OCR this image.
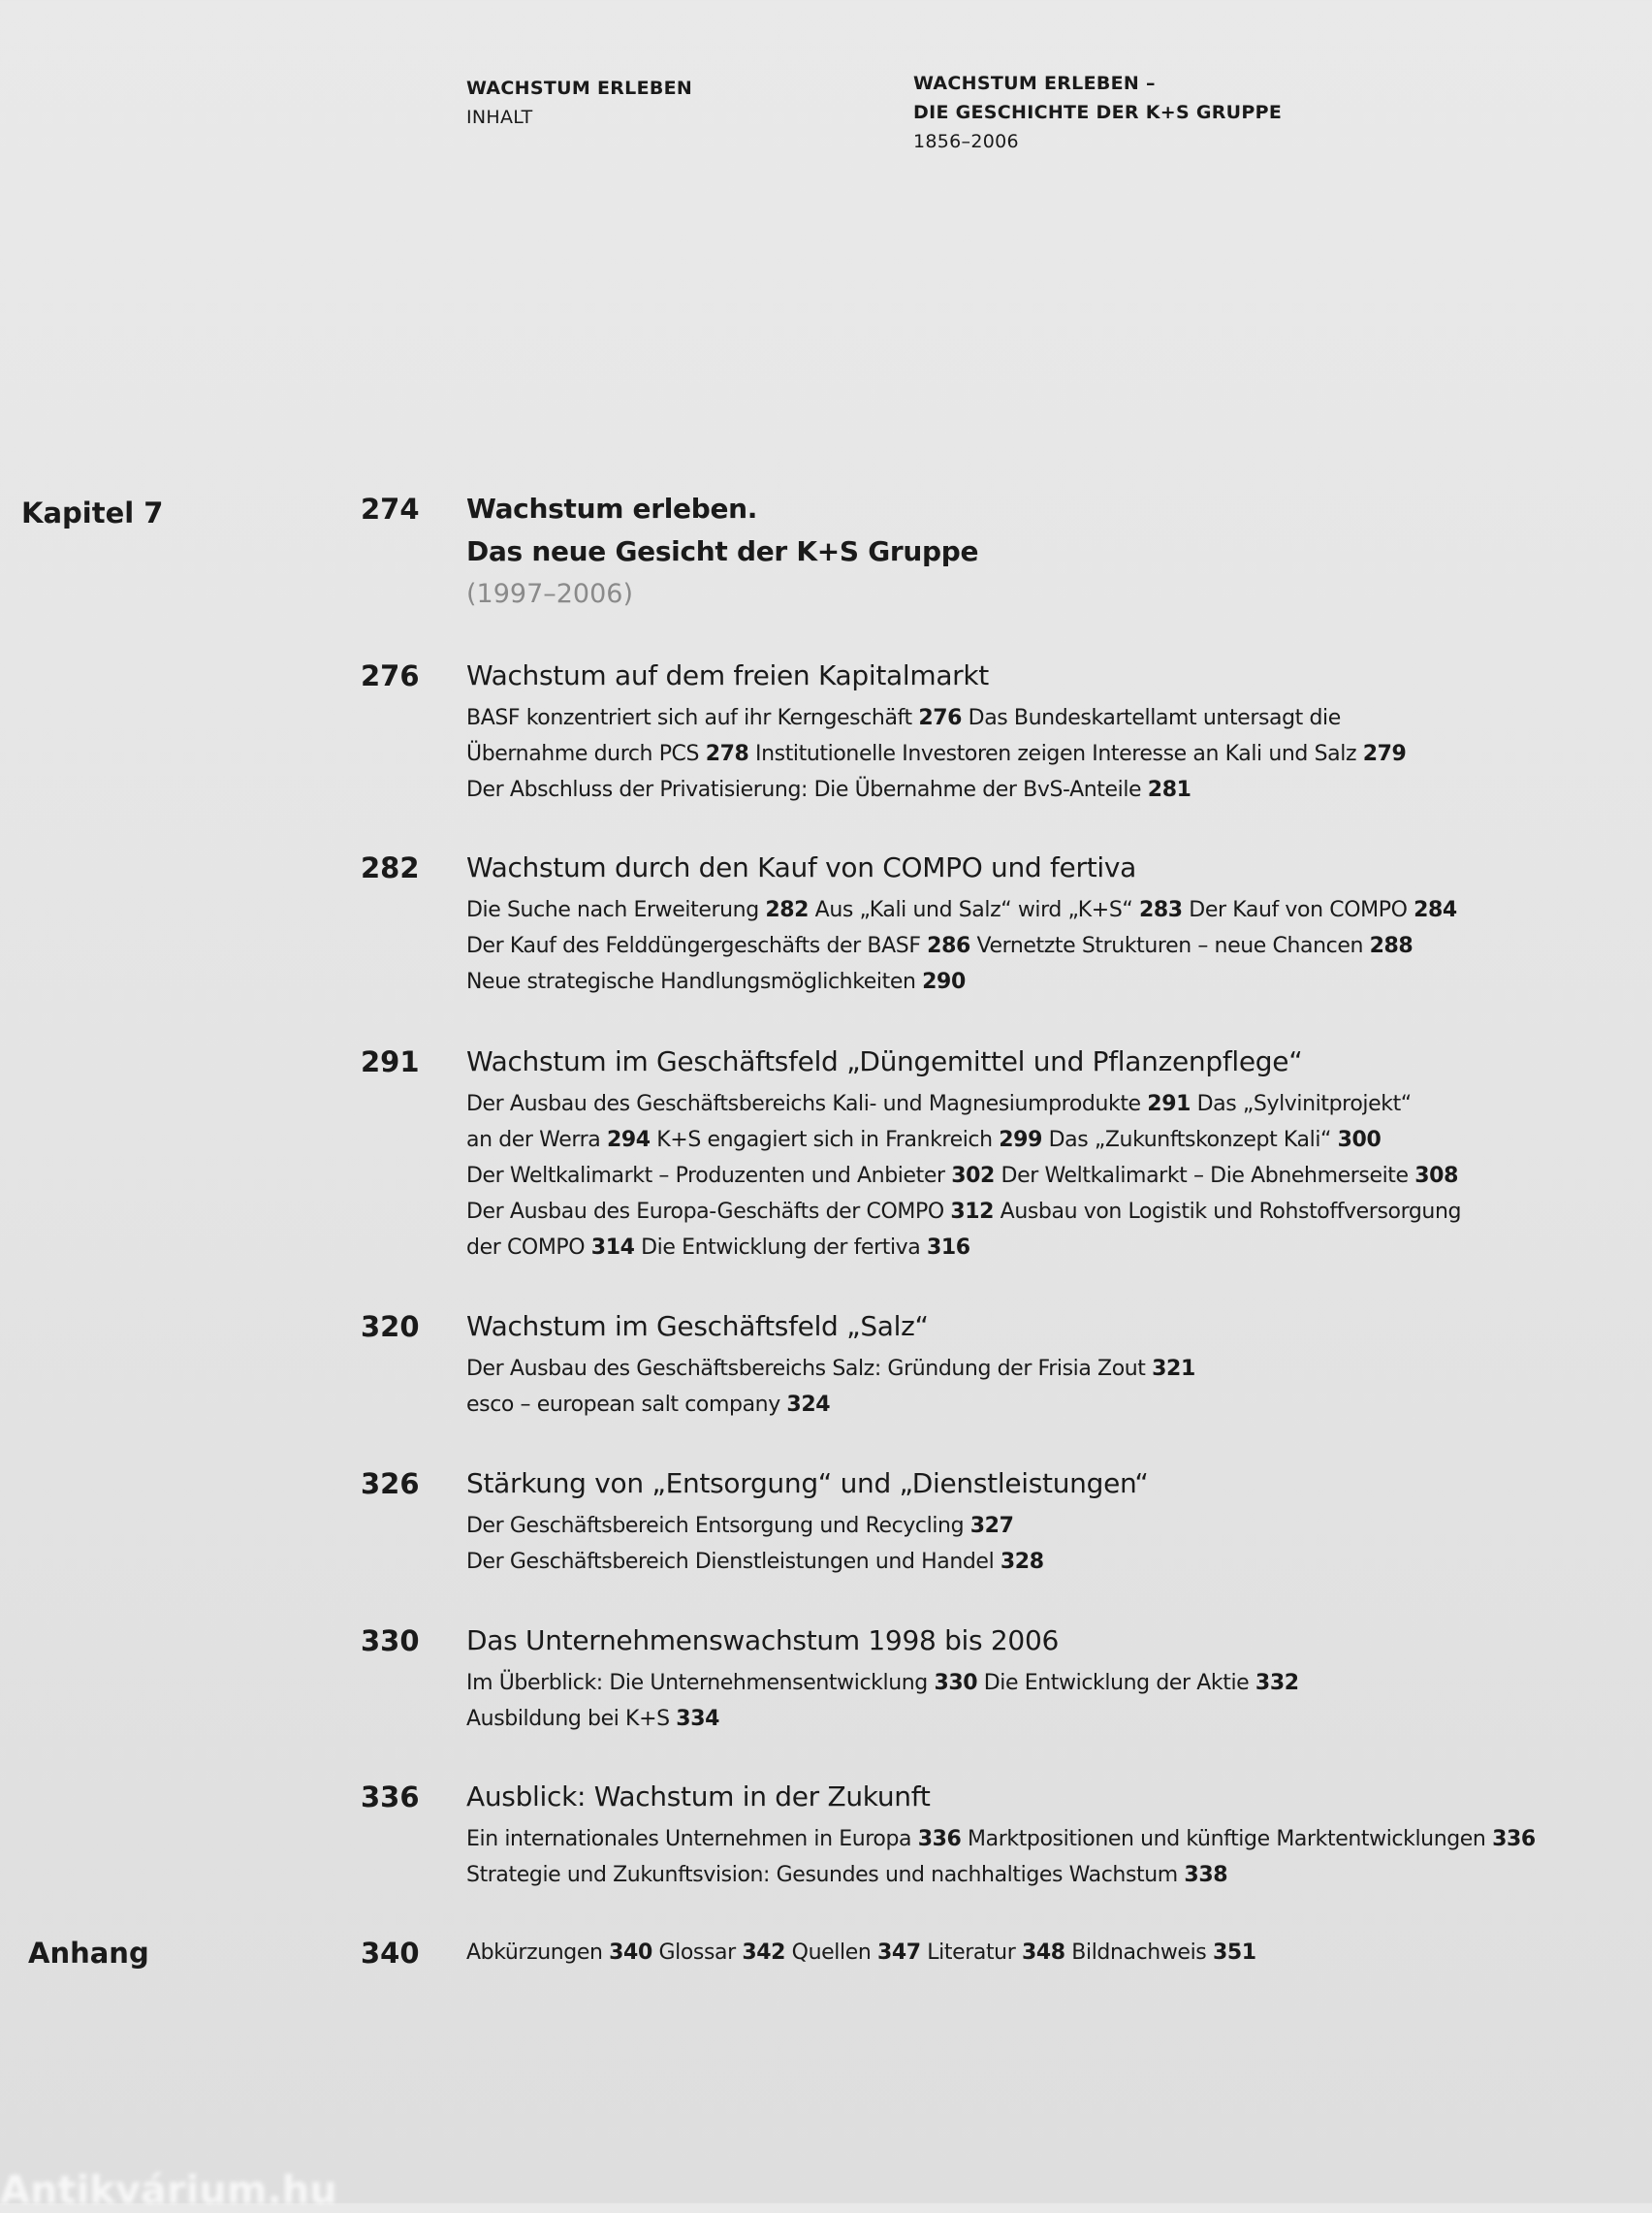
WACHSTUM ERLEBEN
INHALT
WACHSTUM ERLEBEN –
DIE GESCHICHTE DER K+S GRUPPE
1856–2006
Kapitel 7	274 Wachstum erleben.
Das neue Gesicht der K+S Gruppe
(1997–2006)
276 Wachstum auf dem freien Kapitalmarkt
BASF konzentriert sich auf ihr Kerngeschäft 276 Das Bundeskartellamt untersagt die
Übernahme durch PCS 278 Institutionelle Investoren zeigen Interesse an Kali und Salz 279
Der Abschluss der Privatisierung: Die Übernahme der BvS-Anteile 281
282 Wachstum durch den Kauf von COMPO und fertiva
Die Suche nach Erweiterung 282 Aus „Kali und Salz“ wird „K+S“ 283 Der Kauf von COMPO 284
Der Kauf des Felddüngergeschäfts der BASF 286 Vernetzte Strukturen – neue Chancen 288
Neue strategische Handlungsmöglichkeiten 290
291 Wachstum im Geschäftsfeld „Düngemittel und Pflanzenpflege“
Der Ausbau des Geschäftsbereichs Kali- und Magnesiumprodukte 291 Das „Sylvinitprojekt“
an der Werra 294 K+S engagiert sich in Frankreich 299 Das „Zukunftskonzept Kali“ 300
Der Weltkalimarkt – Produzenten und Anbieter 302 Der Weltkalimarkt – Die Abnehmerseite 308
Der Ausbau des Europa-Geschäfts der COMPO 312 Ausbau von Logistik und Rohstoffversorgung
der COMPO 314 Die Entwicklung der fertiva 316
320 Wachstum im Geschäftsfeld „Salz“
Der Ausbau des Geschäftsbereichs Salz: Gründung der Frisia Zout 321
esco – european salt company 324
326 Stärkung von „Entsorgung“ und „Dienstleistungen“
Der Geschäftsbereich Entsorgung und Recycling 327
Der Geschäftsbereich Dienstleistungen und Handel 328
330 Das Unternehmenswachstum 1998 bis 2006
Im Überblick: Die Unternehmensentwicklung 330 Die Entwicklung der Aktie 332
Ausbildung bei K+S 334
336 Ausblick: Wachstum in der Zukunft
Ein internationales Unternehmen in Europa 336 Marktpositionen und künftige Marktentwicklungen 336
Strategie und Zukunftsvision: Gesundes und nachhaltiges Wachstum 338
Anhang	340 Abkürzungen 340 Glossar 342 Quellen 347 Literatur 348 Bildnachweis 351
Antikvárium.hu
